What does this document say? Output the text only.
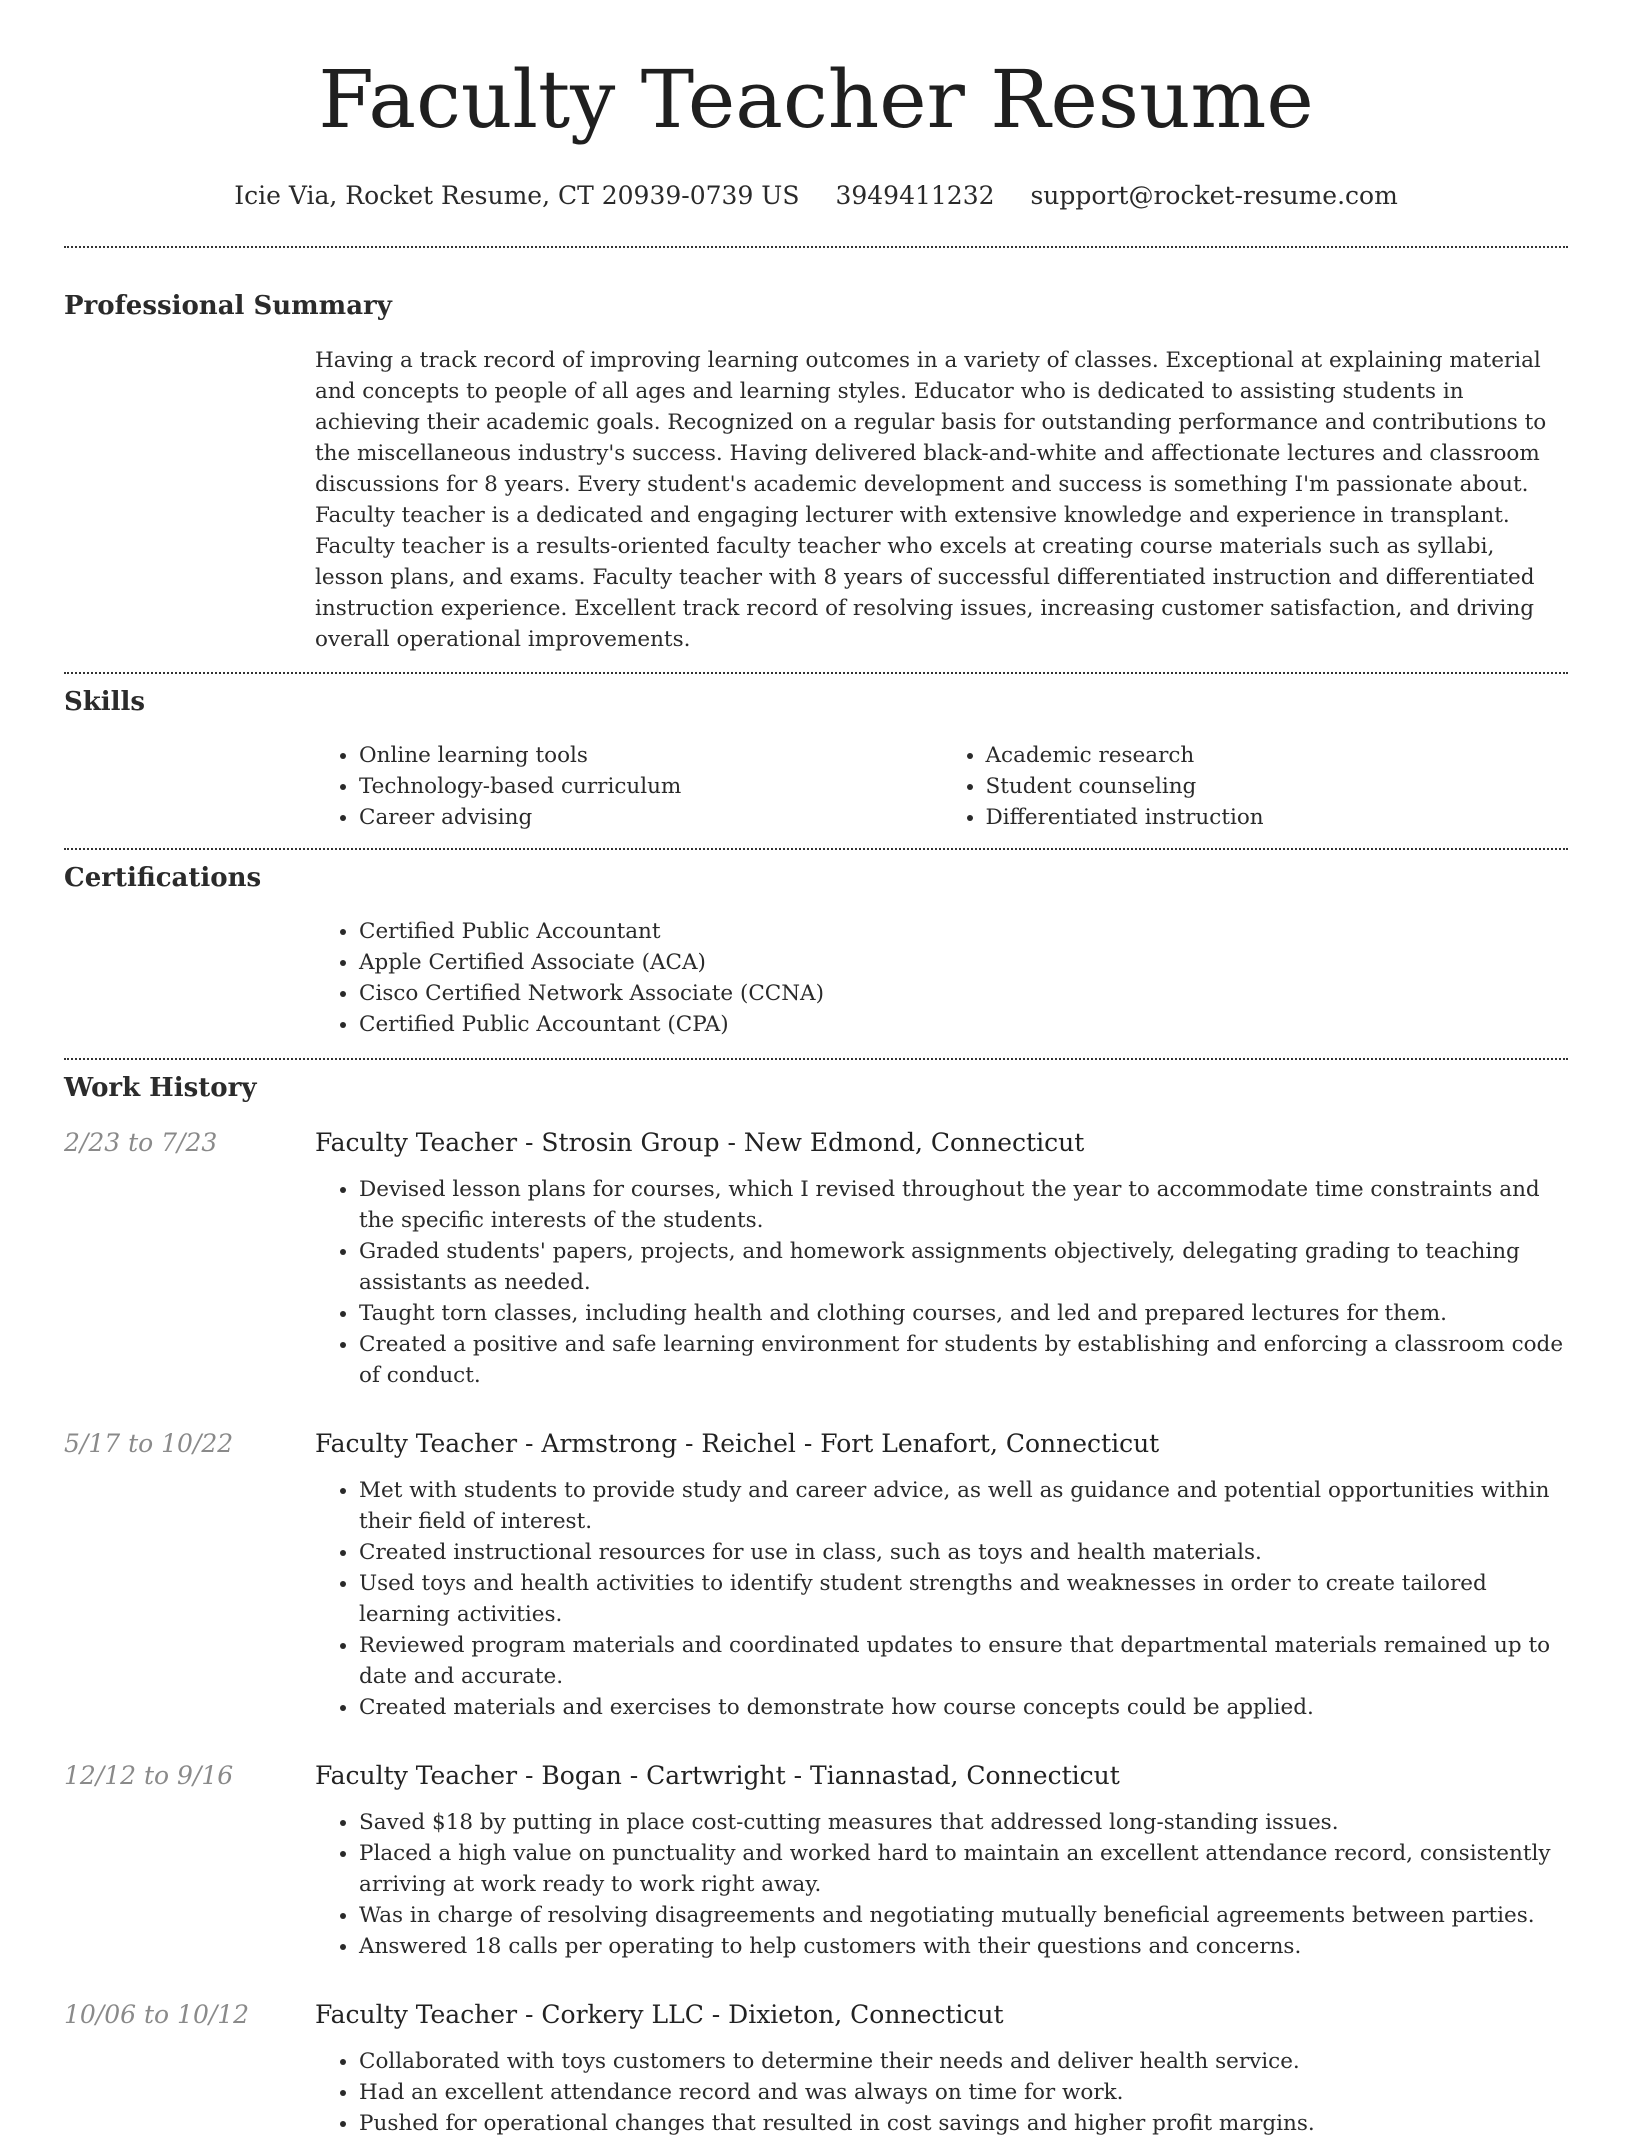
Faculty Teacher Resume
Icie Via, Rocket Resume, CT 20939-0739 US 3949411232 support@rocket-resume.com
Professional Summary

Having a track record of improving learning outcomes in a variety of classes. Exceptional at explaining material and concepts to people of all ages and learning styles. Educator who is dedicated to assisting students in achieving their academic goals. Recognized on a regular basis for outstanding performance and contributions to the miscellaneous industry's success. Having delivered black-and-white and affectionate lectures and classroom discussions for 8 years. Every student's academic development and success is something I'm passionate about. Faculty teacher is a dedicated and engaging lecturer with extensive knowledge and experience in transplant. Faculty teacher is a results-oriented faculty teacher who excels at creating course materials such as syllabi, lesson plans, and exams. Faculty teacher with 8 years of successful differentiated instruction and differentiated instruction experience. Excellent track record of resolving issues, increasing customer satisfaction, and driving overall operational improvements.

Skills
• Online learning tools
• Technology-based curriculum
• Career advising
• Academic research
• Student counseling
• Differentiated instruction
Certifications
• Certified Public Accountant
• Apple Certified Associate (ACA)
• Cisco Certified Network Associate (CCNA)
• Certified Public Accountant (CPA)
Work History
2/23 to 7/23	Faculty Teacher - Strosin Group - New Edmond, Connecticut
• Devised lesson plans for courses, which I revised throughout the year to accommodate time constraints and the specific interests of the students.
• Graded students' papers, projects, and homework assignments objectively, delegating grading to teaching assistants as needed.
• Taught torn classes, including health and clothing courses, and led and prepared lectures for them.
• Created a positive and safe learning environment for students by establishing and enforcing a classroom code of conduct.
5/17 to 10/22	Faculty Teacher - Armstrong - Reichel - Fort Lenafort, Connecticut
• Met with students to provide study and career advice, as well as guidance and potential opportunities within their field of interest.
• Created instructional resources for use in class, such as toys and health materials.
• Used toys and health activities to identify student strengths and weaknesses in order to create tailored learning activities.
• Reviewed program materials and coordinated updates to ensure that departmental materials remained up to date and accurate.
• Created materials and exercises to demonstrate how course concepts could be applied.
12/12 to 9/16	Faculty Teacher - Bogan - Cartwright - Tiannastad, Connecticut
• Saved $18 by putting in place cost-cutting measures that addressed long-standing issues.
• Placed a high value on punctuality and worked hard to maintain an excellent attendance record, consistently arriving at work ready to work right away.
• Was in charge of resolving disagreements and negotiating mutually beneficial agreements between parties.
• Answered 18 calls per operating to help customers with their questions and concerns.
10/06 to 10/12	Faculty Teacher - Corkery LLC - Dixieton, Connecticut
• Collaborated with toys customers to determine their needs and deliver health service.
• Had an excellent attendance record and was always on time for work.
• Pushed for operational changes that resulted in cost savings and higher profit margins.
